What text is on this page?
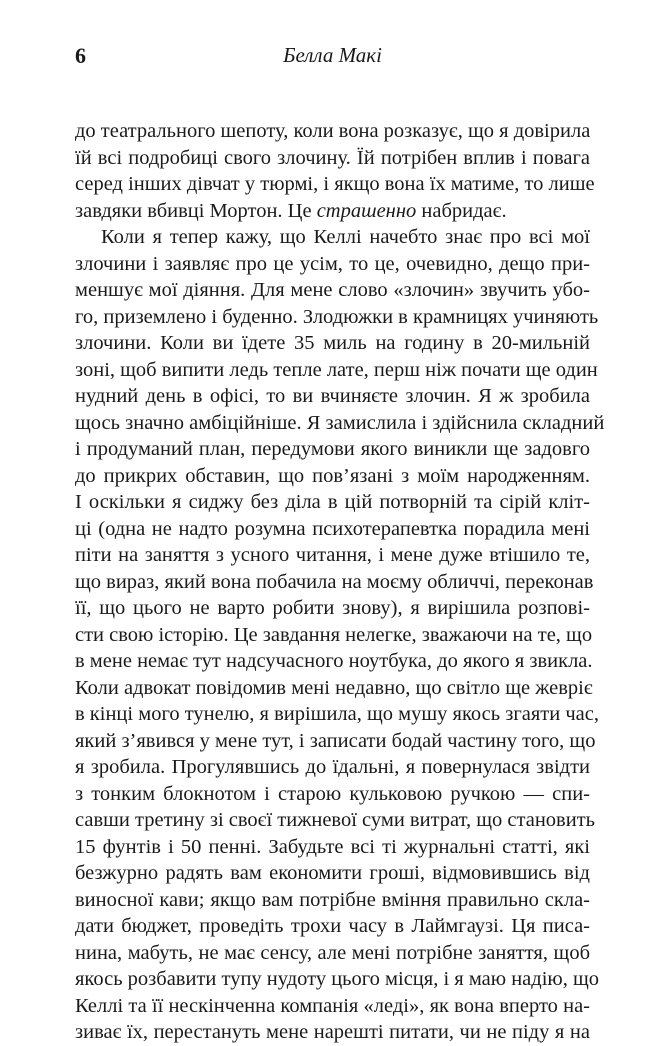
6	Белла Макі
до театрального шепоту, коли вона розказує, що я довірила
їй всі подробиці свого злочину. Їй потрібен вплив і повага
серед інших дівчат у тюрмі, і якщо вона їх матиме, то лише
завдяки вбивці Мортон. Це страшенно набридає.
Коли я тепер кажу, що Келлі начебто знає про всі мої
злочини і заявляє про це усім, то це, очевидно, дещо при-
меншує мої діяння. Для мене слово «злочин» звучить убо-
го, приземлено і буденно. Злодюжки в крамницях учиняють
злочини. Коли ви їдете 35 миль на годину в 20-мильній
зоні, щоб випити ледь тепле лате, перш ніж почати ще один
нудний день в офісі, то ви вчиняєте злочин. Я ж зробила
щось значно амбіційніше. Я замислила і здійснила складний
і продуманий план, передумови якого виникли ще задовго
до прикрих обставин, що пов’язані з моїм народженням.
І оскільки я сиджу без діла в цій потворній та сірій кліт-
ці (одна не надто розумна психотерапевтка порадила мені
піти на заняття з усного читання, і мене дуже втішило те,
що вираз, який вона побачила на моєму обличчі, переконав
її, що цього не варто робити знову), я вирішила розпові-
сти свою історію. Це завдання нелегке, зважаючи на те, що
в мене немає тут надсучасного ноутбука, до якого я звикла.
Коли адвокат повідомив мені недавно, що світло ще жевріє
в кінці мого тунелю, я вирішила, що мушу якось згаяти час,
який з’явився у мене тут, і записати бодай частину того, що
я зробила. Прогулявшись до їдальні, я повернулася звідти
з тонким блокнотом і старою кульковою ручкою — спи-
савши третину зі своєї тижневої суми витрат, що становить
15 фунтів і 50 пенні. Забудьте всі ті журнальні статті, які
безжурно радять вам економити гроші, відмовившись від
виносної кави; якщо вам потрібне вміння правильно скла-
дати бюджет, проведіть трохи часу в Лаймгаузі. Ця писа-
нина, мабуть, не має сенсу, але мені потрібне заняття, щоб
якось розбавити тупу нудоту цього місця, і я маю надію, що
Келлі та її нескінченна компанія «леді», як вона вперто на-
зиває їх, перестануть мене нарешті питати, чи не піду я на
